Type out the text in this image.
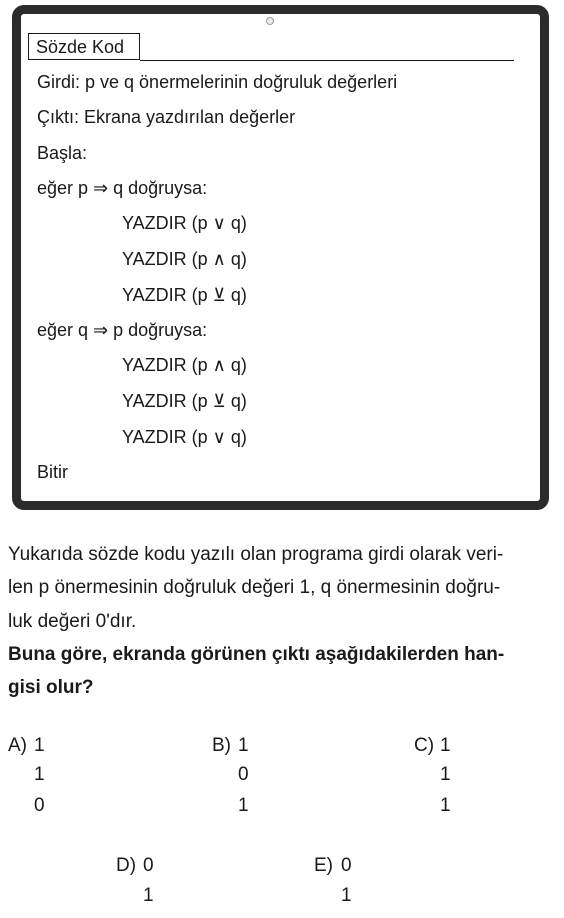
Sözde Kod
Girdi: p ve q önermelerinin doğruluk değerleri
Çıktı: Ekrana yazdırılan değerler
Başla:
eğer p ⇒ q doğruysa:
YAZDIR (p ∨ q)
YAZDIR (p ∧ q)
YAZDIR (p ⊻ q)
eğer q ⇒ p doğruysa:
YAZDIR (p ∧ q)
YAZDIR (p ⊻ q)
YAZDIR (p ∨ q)
Bitir
Yukarıda sözde kodu yazılı olan programa girdi olarak veri-
len p önermesinin doğruluk değeri 1, q önermesinin doğru-
luk değeri 0'dır.
Buna göre, ekranda görünen çıktı aşağıdakilerden han-
gisi olur?
A) 1
1
0
B) 1
0
1
C) 1
1
1
D) 0
1
E) 0
1
